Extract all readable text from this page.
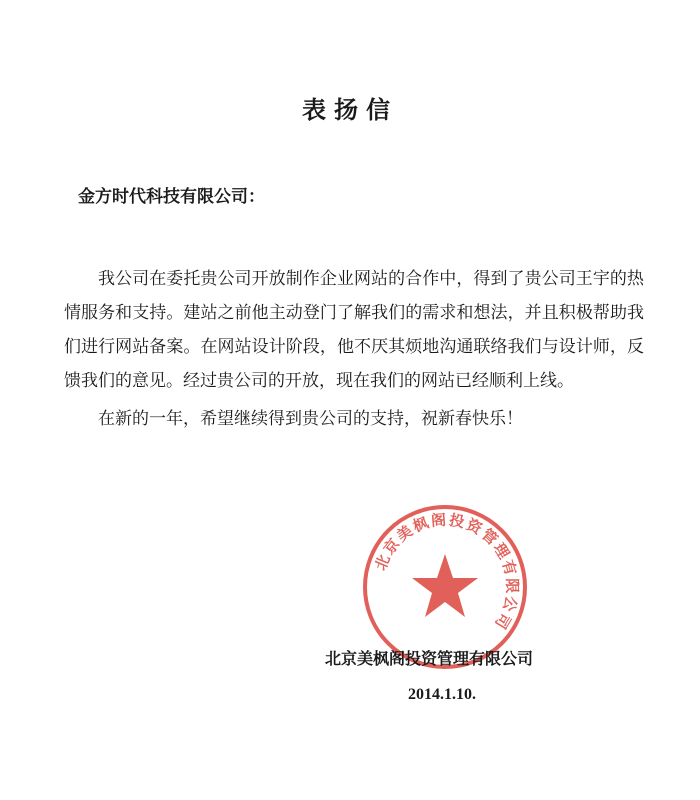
表扬信
金方时代科技有限公司：

我公司在委托贵公司开放制作企业网站的合作中，得到了贵公司王宇的热情服务和支持。建站之前他主动登门了解我们的需求和想法，并且积极帮助我们进行网站备案。在网站设计阶段，他不厌其烦地沟通联络我们与设计师，反馈我们的意见。经过贵公司的开放，现在我们的网站已经顺利上线。

在新的一年，希望继续得到贵公司的支持，祝新春快乐！

北京美枫阁投资管理有限公司
北京美枫阁投资管理有限公司
2014.1.10.
